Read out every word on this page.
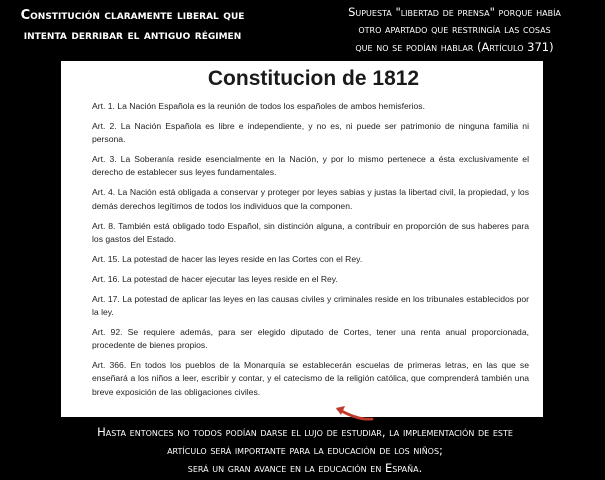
Constitución claramente liberal que
intenta derribar el antiguo régimen
Supuesta "libertad de prensa" porque había
otro apartado que restringía las cosas
que no se podían hablar (Artículo 371)
Constitucion de 1812

Art. 1. La Nación Española es la reunión de todos los españoles de ambos hemisferios.

Art. 2. La Nación Española es libre e independiente, y no es, ni puede ser patrimonio de ninguna familia ni persona.

Art. 3. La Soberanía reside esencialmente en la Nación, y por lo mismo pertenece a ésta exclusivamente el derecho de establecer sus leyes fundamentales.

Art. 4. La Nación está obligada a conservar y proteger por leyes sabias y justas la libertad civil, la propiedad, y los demás derechos legítimos de todos los individuos que la componen.

Art. 8. También está obligado todo Español, sin distinción alguna, a contribuir en proporción de sus haberes para los gastos del Estado.

Art. 15. La potestad de hacer las leyes reside en las Cortes con el Rey.

Art. 16. La potestad de hacer ejecutar las leyes reside en el Rey.

Art. 17. La potestad de aplicar las leyes en las causas civiles y criminales reside en los tribunales establecidos por la ley.

Art. 92. Se requiere además, para ser elegido diputado de Cortes, tener una renta anual proporcionada, procedente de bienes propios.

Art. 366. En todos los pueblos de la Monarquía se establecerán escuelas de primeras letras, en las que se enseñará a los niños a leer, escribir y contar, y el catecismo de la religión católica, que comprenderá también una breve exposición de las obligaciones civiles.

Hasta entonces no todos podían darse el lujo de estudiar, la implementación de este
artículo será importante para la educación de los niños;
será un gran avance en la educación en España.
